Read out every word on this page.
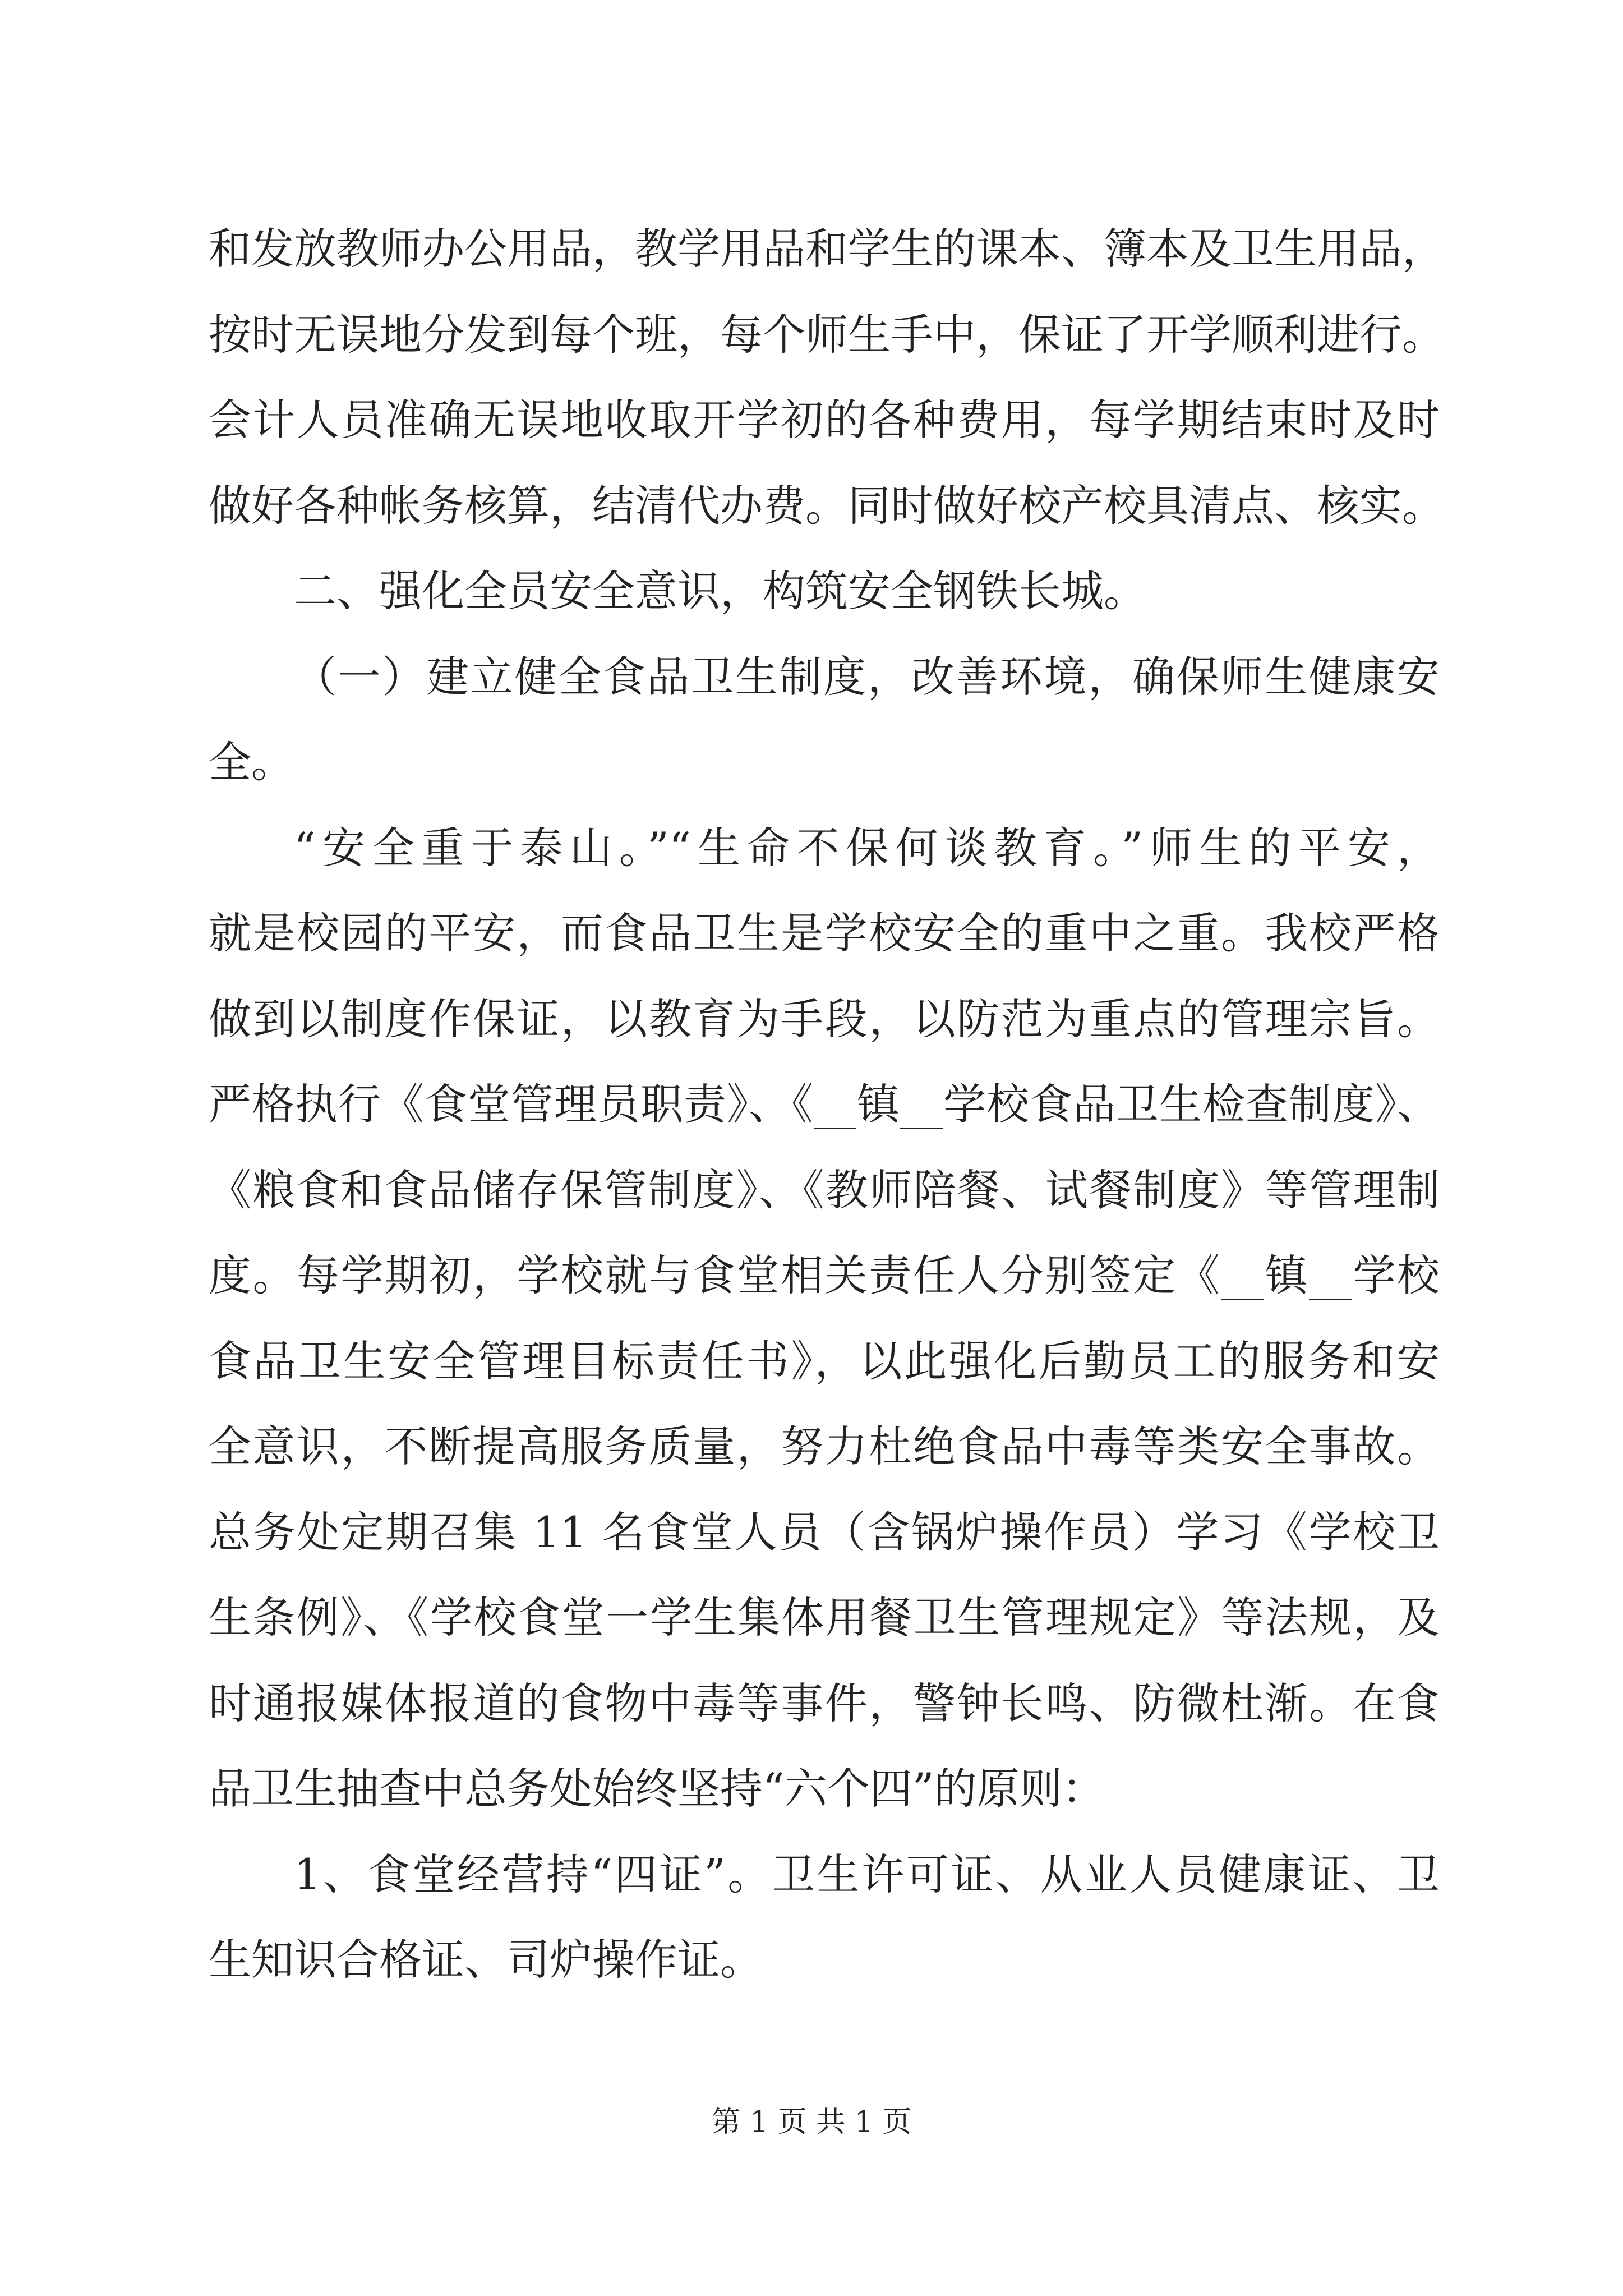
和发放教师办公用品，教学用品和学生的课本、簿本及卫生用品，
按时无误地分发到每个班，每个师生手中，保证了开学顺利进行。
会计人员准确无误地收取开学初的各种费用，每学期结束时及时
做好各种帐务核算，结清代办费。同时做好校产校具清点、核实。
二、强化全员安全意识，构筑安全钢铁长城。
（一）建立健全食品卫生制度，改善环境，确保师生健康安
全。
“安全重于泰山。”“生命不保何谈教育。”师生的平安，
就是校园的平安，而食品卫生是学校安全的重中之重。我校严格
做到以制度作保证，以教育为手段，以防范为重点的管理宗旨。
严格执行《食堂管理员职责》、《__镇__学校食品卫生检查制度》、
《粮食和食品储存保管制度》、《教师陪餐、试餐制度》等管理制
度。每学期初，学校就与食堂相关责任人分别签定《__镇__学校
食品卫生安全管理目标责任书》，以此强化后勤员工的服务和安
全意识，不断提高服务质量，努力杜绝食品中毒等类安全事故。
总务处定期召集 11 名食堂人员（含锅炉操作员）学习《学校卫
生条例》、《学校食堂一学生集体用餐卫生管理规定》等法规，及
时通报媒体报道的食物中毒等事件，警钟长鸣、防微杜渐。在食
品卫生抽查中总务处始终坚持“六个四”的原则：
1、食堂经营持“四证”。卫生许可证、从业人员健康证、卫
生知识合格证、司炉操作证。
第 1 页 共 1 页
